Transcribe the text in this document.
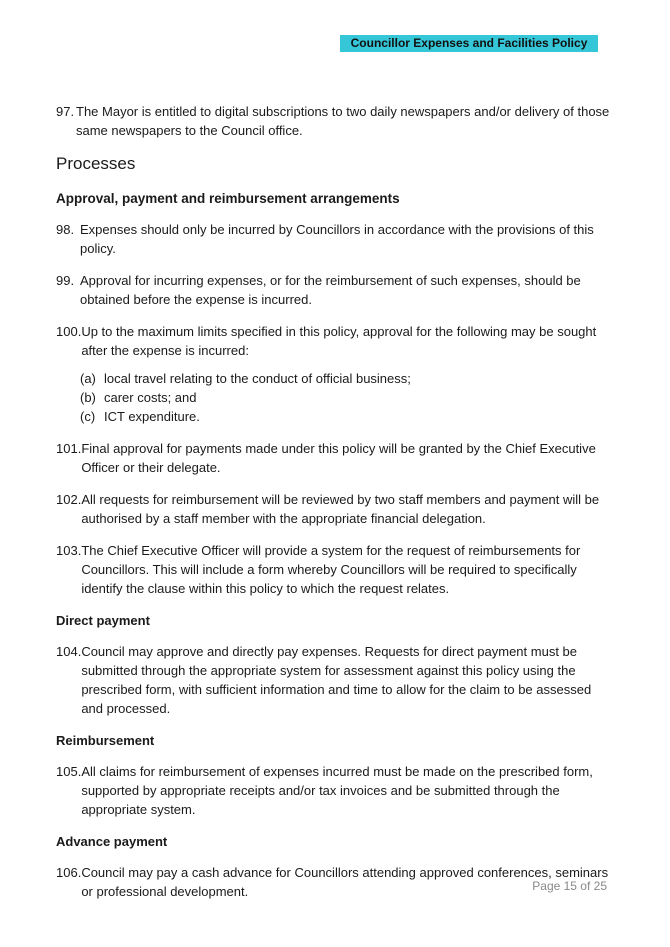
Councillor Expenses and Facilities Policy
97. The Mayor is entitled to digital subscriptions to two daily newspapers and/or delivery of those same newspapers to the Council office.
Processes
Approval, payment and reimbursement arrangements
98. Expenses should only be incurred by Councillors in accordance with the provisions of this policy.
99. Approval for incurring expenses, or for the reimbursement of such expenses, should be obtained before the expense is incurred.
100. Up to the maximum limits specified in this policy, approval for the following may be sought after the expense is incurred:
(a) local travel relating to the conduct of official business;
(b) carer costs; and
(c) ICT expenditure.
101. Final approval for payments made under this policy will be granted by the Chief Executive Officer or their delegate.
102. All requests for reimbursement will be reviewed by two staff members and payment will be authorised by a staff member with the appropriate financial delegation.
103. The Chief Executive Officer will provide a system for the request of reimbursements for Councillors. This will include a form whereby Councillors will be required to specifically identify the clause within this policy to which the request relates.
Direct payment
104. Council may approve and directly pay expenses. Requests for direct payment must be submitted through the appropriate system for assessment against this policy using the prescribed form, with sufficient information and time to allow for the claim to be assessed and processed.
Reimbursement
105. All claims for reimbursement of expenses incurred must be made on the prescribed form, supported by appropriate receipts and/or tax invoices and be submitted through the appropriate system.
Advance payment
106. Council may pay a cash advance for Councillors attending approved conferences, seminars or professional development.	Page 15 of 25
